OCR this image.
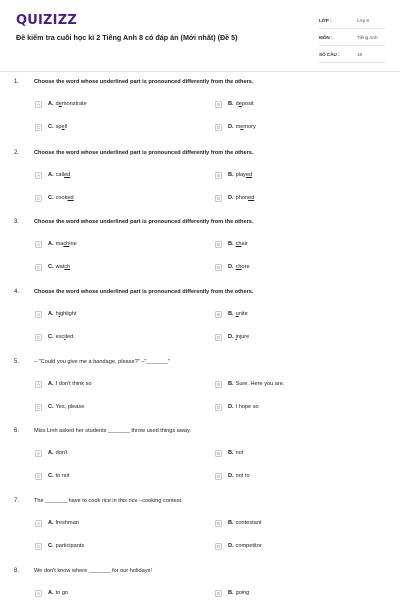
QUIZIZZ
Đề kiểm tra cuối học kì 2 Tiếng Anh 8 có đáp án (Mới nhất) (Đề 5)
LỚP :	Lớp 8
MÔN :	Tiếng Anh
SỐ CÂU :	18
1.	Choose the word whose underlined part is pronounced differently from the others.
A	A. demonstrate	B	B. deposit
C	C. spell	D	D. memory
2.	Choose the word whose underlined part is pronounced differently from the others.
A	A. called	B	B. played
C	C. cooked	D	D. phoned
3.	Choose the word whose underlined part is pronounced differently from the others.
A	A. machine	B	B. chair
C	C. watch	D	D. chore
4.	Choose the word whose underlined part is pronounced differently from the others.
A	A. highlight	B	B. unite
C	C. excited	D	D. injure
5.	– "Could you give me a bandage, please?" –"_______"
A	A. I don't think so	B	B. Sure. Here you are.
C	C. Yes, please	D	D. I hope so
6.	Miss Linh asked her students _______ throw used things away.
A	A. don't	B	B. not
C	C. to not	D	D. not to
7.	The _______ have to cook rice in this rice –cooking contest.
A	A. freshman	B	B. contestant
C	C. participants	D	D. competitor
8.	We don't know where _______ for our holidays!
A	A. to go	B	B. going
